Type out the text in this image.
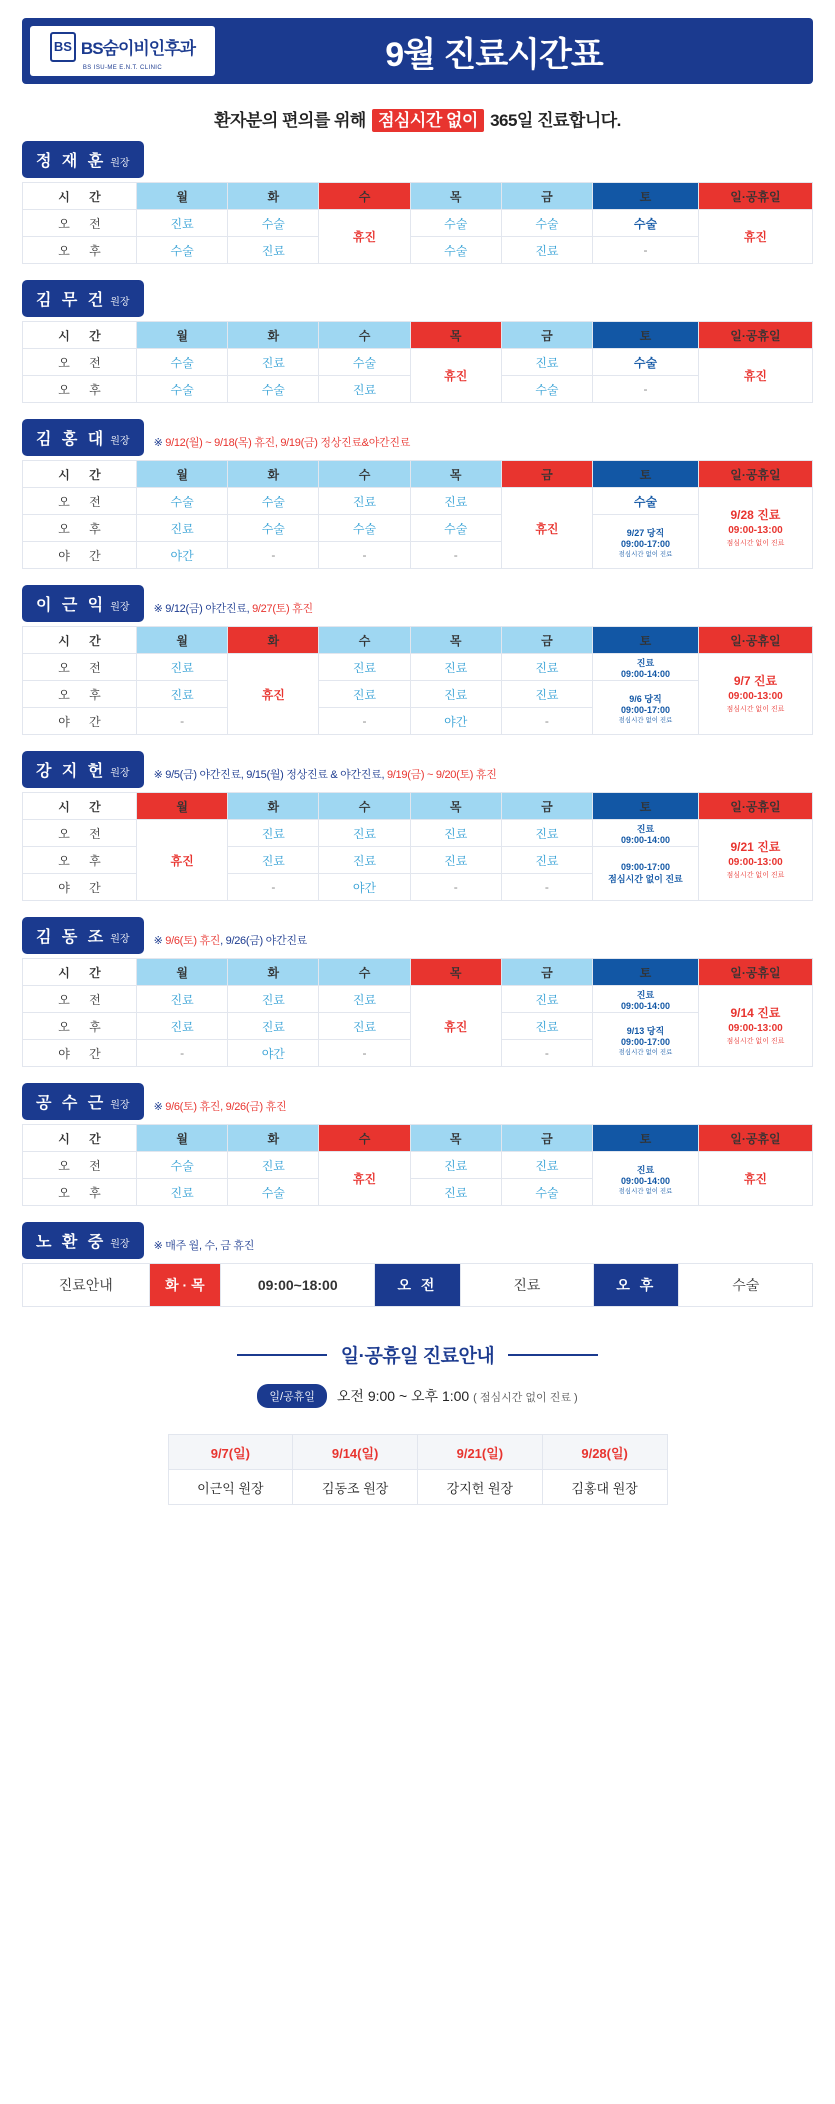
BS BS숨이비인후과
BS ISU-ME E.N.T. CLINIC	9월 진료시간표
환자분의 편의를 위해 점심시간 없이 365일 진료합니다.
정 재 훈 원장
시 간	월	화	수	목	금	토	일·공휴일
오 전	진료	수술	휴진	수술	수술	수술	휴진
오 후	수술	진료		수술	진료	-	
김 무 건 원장
시 간	월	화	수	목	금	토	일·공휴일
오 전	수술	진료	수술	휴진	진료	수술	휴진
오 후	수술	수술	진료		수술	-	
김 홍 대 원장 ※ 9/12(월) ~ 9/18(목) 휴진, 9/19(금) 정상진료&야간진료
시 간	월	화	수	목	금	토	일·공휴일
오 전	수술	수술	진료	진료	휴진	수술	9/28 진료
09:00-13:00
점심시간 없이 진료

오 후	진료	수술	수술	수술		9/27 당직
09:00-17:00
점심시간 없이 진료	

야 간	야간	-	-	-			
이 근 익 원장 ※ 9/12(금) 야간진료, 9/27(토) 휴진
시 간	월	화	수	목	금	토	일·공휴일
오 전	진료	휴진	진료	진료	진료	진료
09:00-14:00

9/7 진료
09:00-13:00
점심시간 없이 진료

오 후	진료		진료	진료	진료	9/6 당직
09:00-17:00
점심시간 없이 진료	

야 간	-		-	야간	-		
강 지 헌 원장 ※ 9/5(금) 야간진료, 9/15(월) 정상진료 & 야간진료, 9/19(금) ~ 9/20(토) 휴진
시 간	월	화	수	목	금	토	일·공휴일
오 전	휴진	진료	진료	진료	진료	진료
09:00-14:00

9/21 진료
09:00-13:00
점심시간 없이 진료

오 후		진료	진료	진료	진료	09:00-17:00
점심시간 없이 진료	

야 간		-	야간	-	-		
김 동 조 원장 ※ 9/6(토) 휴진, 9/26(금) 야간진료
시 간	월	화	수	목	금	토	일·공휴일
오 전	진료	진료	진료	휴진	진료	진료
09:00-14:00

9/14 진료
09:00-13:00
점심시간 없이 진료

오 후	진료	진료	진료		진료	9/13 당직
09:00-17:00
점심시간 없이 진료	

야 간	-	야간	-		-		
공 수 근 원장 ※ 9/6(토) 휴진, 9/26(금) 휴진
시 간	월	화	수	목	금	토	일·공휴일
오 전	수술	진료	휴진	진료	진료	진료
09:00-14:00
점심시간 없이 진료	휴진
오 후	진료	수술		진료	수술		
노 환 중 원장 ※ 매주 월, 수, 금 휴진
진료안내	화 · 목	09:00~18:00	오 전	진료	오 후	수술
일·공휴일 진료안내
일/공휴일	오전 9:00 ~ 오후 1:00 ( 점심시간 없이 진료 )
9/7(일)	9/14(일)	9/21(일)	9/28(일)
이근익 원장	김동조 원장	강지헌 원장	김홍대 원장
